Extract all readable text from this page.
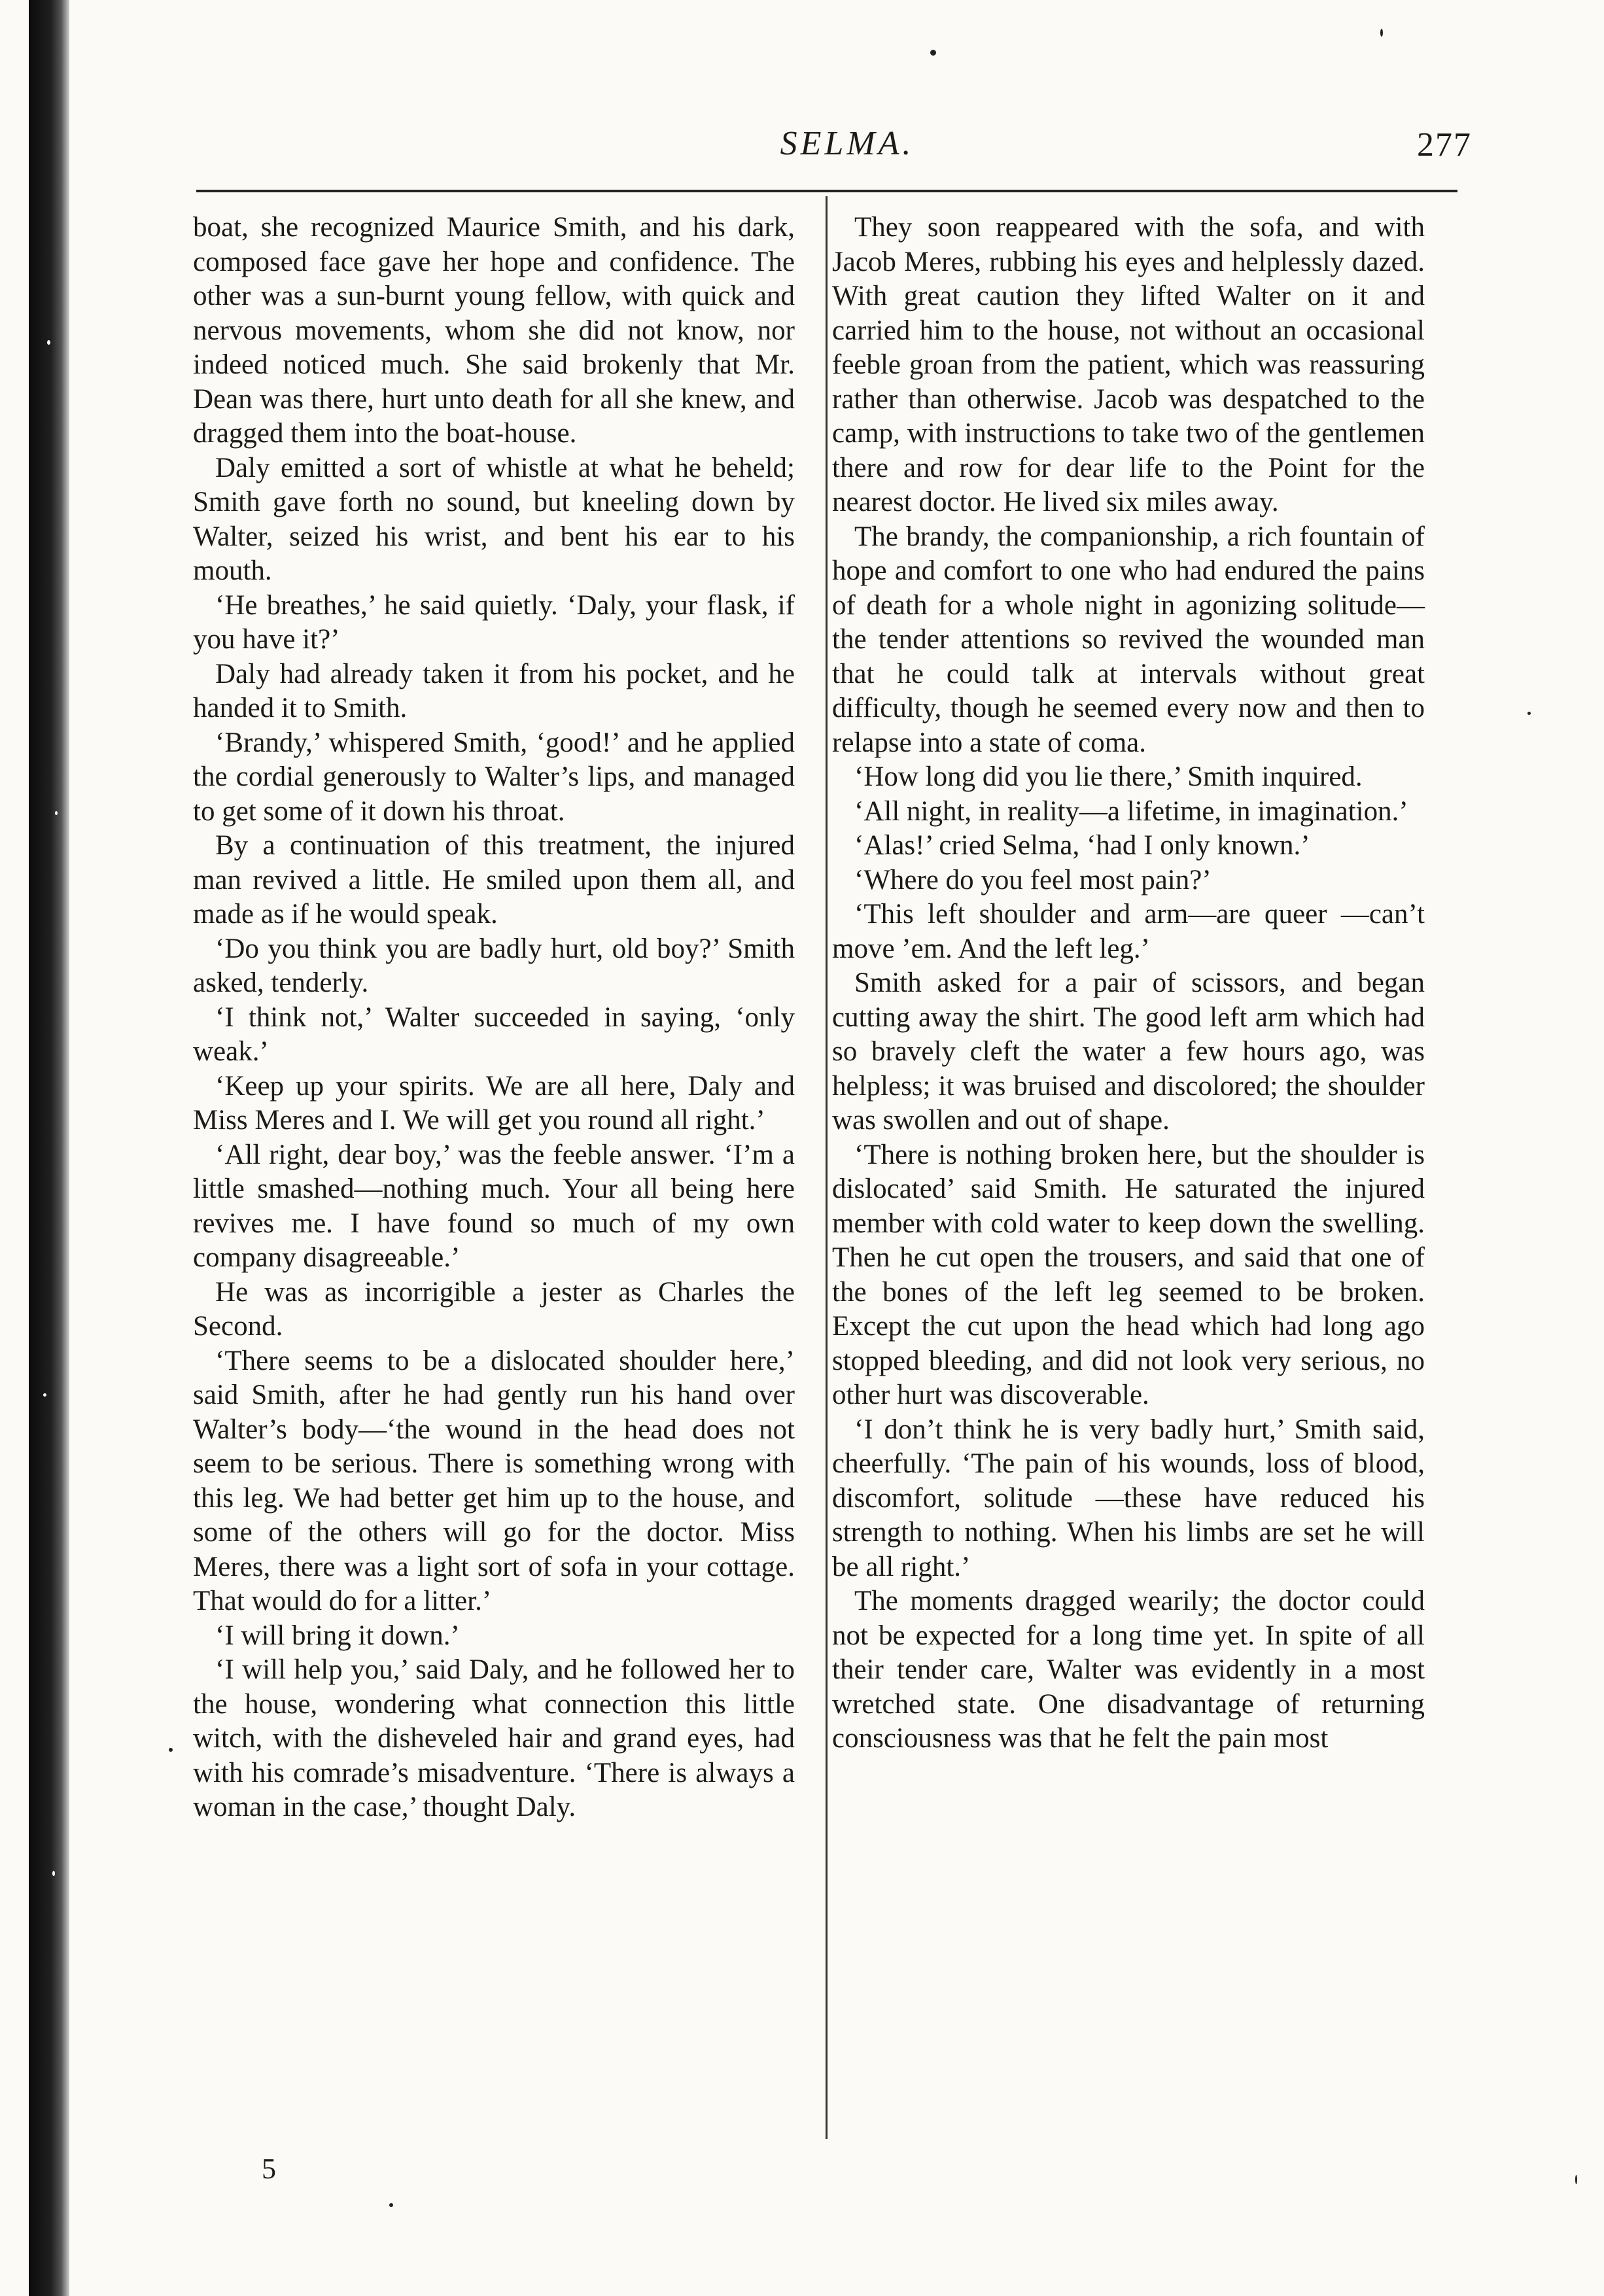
SELMA.	277

boat, she recognized Maurice Smith, and his dark, composed face gave her hope and confidence. The other was a sun-burnt young fellow, with quick and nervous movements, whom she did not know, nor indeed noticed much. She said brokenly that Mr. Dean was there, hurt unto death for all she knew, and dragged them into the boat-house.

Daly emitted a sort of whistle at what he beheld; Smith gave forth no sound, but kneeling down by Walter, seized his wrist, and bent his ear to his mouth.

‘He breathes,’ he said quietly. ‘Daly, your flask, if you have it?’

Daly had already taken it from his pocket, and he handed it to Smith.

‘Brandy,’ whispered Smith, ‘good!’ and he applied the cordial generously to Walter’s lips, and managed to get some of it down his throat.

By a continuation of this treatment, the injured man revived a little. He smiled upon them all, and made as if he would speak.

‘Do you think you are badly hurt, old boy?’ Smith asked, tenderly.

‘I think not,’ Walter succeeded in saying, ‘only weak.’

‘Keep up your spirits. We are all here, Daly and Miss Meres and I. We will get you round all right.’

‘All right, dear boy,’ was the feeble answer. ‘I’m a little smashed—nothing much. Your all being here revives me. I have found so much of my own company disagreeable.’

He was as incorrigible a jester as Charles the Second.

‘There seems to be a dislocated shoulder here,’ said Smith, after he had gently run his hand over Walter’s body—‘the wound in the head does not seem to be serious. There is something wrong with this leg. We had better get him up to the house, and some of the others will go for the doctor. Miss Meres, there was a light sort of sofa in your cottage. That would do for a litter.’

‘I will bring it down.’

‘I will help you,’ said Daly, and he followed her to the house, wondering what connection this little witch, with the disheveled hair and grand eyes, had with his comrade’s misadventure. ‘There is always a woman in the case,’ thought Daly.

They soon reappeared with the sofa, and with Jacob Meres, rubbing his eyes and helplessly dazed. With great caution they lifted Walter on it and carried him to the house, not without an occasional feeble groan from the patient, which was reassuring rather than otherwise. Jacob was despatched to the camp, with instructions to take two of the gentlemen there and row for dear life to the Point for the nearest doctor. He lived six miles away.

The brandy, the companionship, a rich fountain of hope and comfort to one who had endured the pains of death for a whole night in agonizing solitude—the tender attentions so revived the wounded man that he could talk at intervals without great difficulty, though he seemed every now and then to relapse into a state of coma.

‘How long did you lie there,’ Smith inquired.

‘All night, in reality—a lifetime, in imagination.’

‘Alas!’ cried Selma, ‘had I only known.’

‘Where do you feel most pain?’

‘This left shoulder and arm—are queer —can’t move ’em. And the left leg.’

Smith asked for a pair of scissors, and began cutting away the shirt. The good left arm which had so bravely cleft the water a few hours ago, was helpless; it was bruised and discolored; the shoulder was swollen and out of shape.

‘There is nothing broken here, but the shoulder is dislocated’ said Smith. He saturated the injured member with cold water to keep down the swelling. Then he cut open the trousers, and said that one of the bones of the left leg seemed to be broken. Except the cut upon the head which had long ago stopped bleeding, and did not look very serious, no other hurt was discoverable.

‘I don’t think he is very badly hurt,’ Smith said, cheerfully. ‘The pain of his wounds, loss of blood, discomfort, solitude —these have reduced his strength to nothing. When his limbs are set he will be all right.’

The moments dragged wearily; the doctor could not be expected for a long time yet. In spite of all their tender care, Walter was evidently in a most wretched state. One disadvantage of returning consciousness was that he felt the pain most

5
